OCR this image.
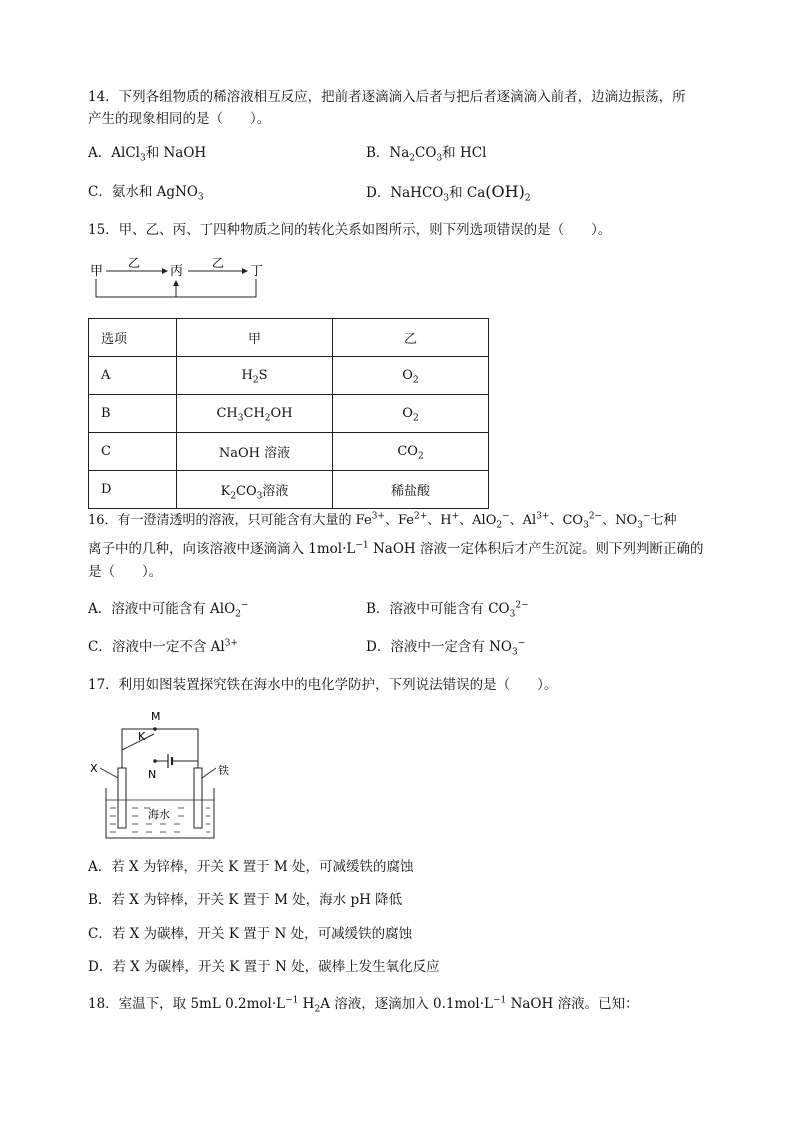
14．下列各组物质的稀溶液相互反应，把前者逐滴滴入后者与把后者逐滴滴入前者，边滴边振荡，所
产生的现象相同的是（　　）。
A．AlCl$_3$和 NaOH	B．$Na_2CO_3$和 HCl
C．氨水和 AgNO$_3$	D．NaHCO$_3$和 $Ca(OH)_2$
15．甲、乙、丙、丁四种物质之间的转化关系如图所示，则下列选项错误的是（　　）。
甲
乙
丙
乙
丁
选项	甲	乙
A	$H_2S$	$O_2$
B	$CH_3CH_2OH$	$O_2$
C	NaOH 溶液	$CO_2$
D	$K_2CO_3$溶液	稀盐酸
16．有一澄清透明的溶液，只可能含有大量的 $Fe^{3+}$、$Fe^{2+}$、H+、AlO$_2$−、$Al^{3+}$、$CO_3^{2-}$、$NO_3^-$七种
离子中的几种，向该溶液中逐滴滴入 $1mol\cdot L^{-1}$ NaOH 溶液一定体积后才产生沉淀。则下列判断正确的
是（　　）。
A．溶液中可能含有 AlO$_2$−	B．溶液中可能含有 $CO_3^{2-}$
C．溶液中一定不含 $Al^{3+}$	D．溶液中一定含有 $NO_3^-$
17．利用如图装置探究铁在海水中的电化学防护，下列说法错误的是（　　）。
M
K
N
X	铁
海水
A．若 X 为锌棒，开关 K 置于 M 处，可减缓铁的腐蚀
B．若 X 为锌棒，开关 K 置于 M 处，海水 pH 降低
C．若 X 为碳棒，开关 K 置于 N 处，可减缓铁的腐蚀
D．若 X 为碳棒，开关 K 置于 N 处，碳棒上发生氧化反应
18．室温下，取 5mL $0.2mol\cdot L^{-1}$ $H_2A$ 溶液，逐滴加入 $0.1mol\cdot L^{-1}$ NaOH 溶液。已知：
